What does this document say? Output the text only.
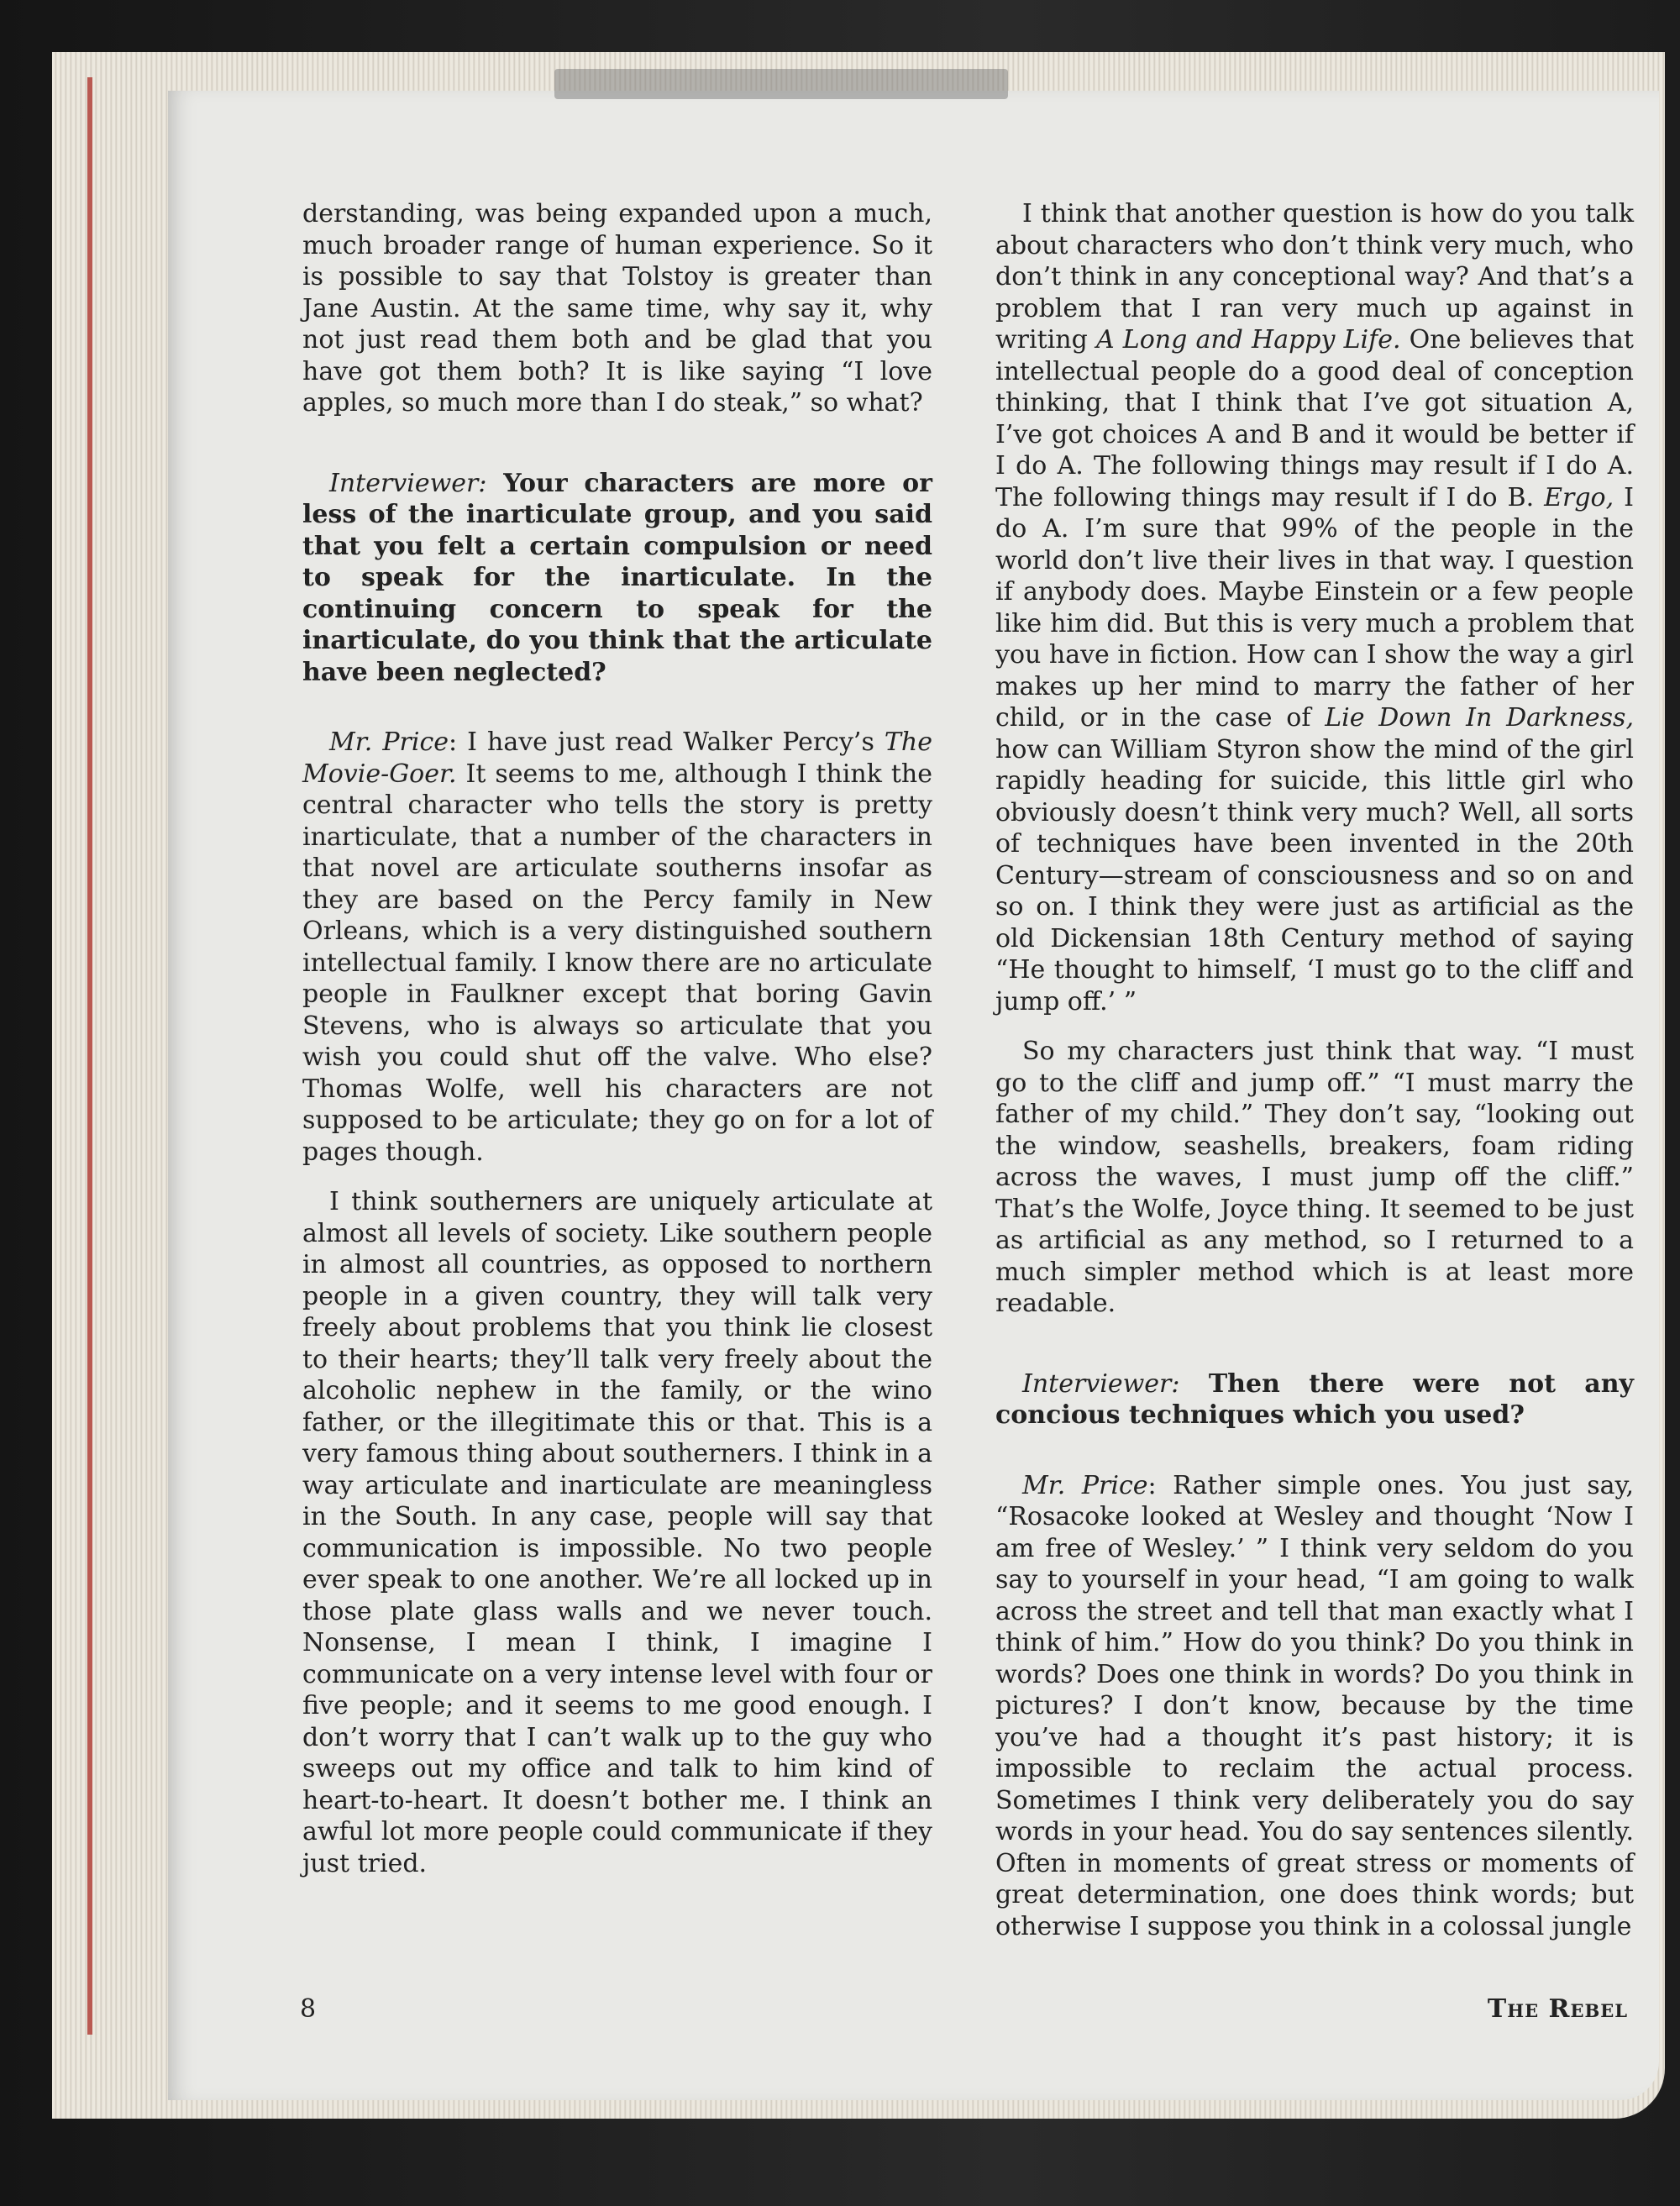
derstanding, was being expanded upon a much, much broader range of human experience. So it is possible to say that Tolstoy is greater than Jane Austin. At the same time, why say it, why not just read them both and be glad that you have got them both? It is like saying “I love apples, so much more than I do steak,” so what?

Interviewer: Your characters are more or less of the inarticulate group, and you said that you felt a certain compulsion or need to speak for the inarticulate. In the continuing concern to speak for the inarticulate, do you think that the articulate have been neglected?

Mr. Price: I have just read Walker Percy’s The Movie-Goer. It seems to me, although I think the central character who tells the story is pretty inarticulate, that a number of the characters in that novel are articulate southerns insofar as they are based on the Percy family in New Orleans, which is a very distinguished southern intellectual family. I know there are no articulate people in Faulkner except that boring Gavin Stevens, who is always so articulate that you wish you could shut off the valve. Who else? Thomas Wolfe, well his characters are not supposed to be articulate; they go on for a lot of pages though.

I think southerners are uniquely articulate at almost all levels of society. Like southern people in almost all countries, as opposed to northern people in a given country, they will talk very freely about problems that you think lie closest to their hearts; they’ll talk very freely about the alcoholic nephew in the family, or the wino father, or the illegitimate this or that. This is a very famous thing about southerners. I think in a way articulate and inarticulate are meaningless in the South. In any case, people will say that communication is impossible. No two people ever speak to one another. We’re all locked up in those plate glass walls and we never touch. Nonsense, I mean I think, I imagine I communicate on a very intense level with four or five people; and it seems to me good enough. I don’t worry that I can’t walk up to the guy who sweeps out my office and talk to him kind of heart-to-heart. It doesn’t bother me. I think an awful lot more people could communicate if they just tried.

I think that another question is how do you talk about characters who don’t think very much, who don’t think in any conceptional way? And that’s a problem that I ran very much up against in writing A Long and Happy Life. One believes that intellectual people do a good deal of conception thinking, that I think that I’ve got situation A, I’ve got choices A and B and it would be better if I do A. The following things may result if I do A. The following things may result if I do B. Ergo, I do A. I’m sure that 99% of the people in the world don’t live their lives in that way. I question if anybody does. Maybe Einstein or a few people like him did. But this is very much a problem that you have in fiction. How can I show the way a girl makes up her mind to marry the father of her child, or in the case of Lie Down In Darkness, how can William Styron show the mind of the girl rapidly heading for suicide, this little girl who obviously doesn’t think very much? Well, all sorts of techniques have been invented in the 20th Century—stream of consciousness and so on and so on. I think they were just as artificial as the old Dickensian 18th Century method of saying “He thought to himself, ‘I must go to the cliff and jump off.’ ”

So my characters just think that way. “I must go to the cliff and jump off.” “I must marry the father of my child.” They don’t say, “looking out the window, seashells, breakers, foam riding across the waves, I must jump off the cliff.” That’s the Wolfe, Joyce thing. It seemed to be just as artificial as any method, so I returned to a much simpler method which is at least more readable.

Interviewer: Then there were not any concious techniques which you used?

Mr. Price: Rather simple ones. You just say, “Rosacoke looked at Wesley and thought ‘Now I am free of Wesley.’ ” I think very seldom do you say to yourself in your head, “I am going to walk across the street and tell that man exactly what I think of him.” How do you think? Do you think in words? Does one think in words? Do you think in pictures? I don’t know, because by the time you’ve had a thought it’s past history; it is impossible to reclaim the actual process. Sometimes I think very deliberately you do say words in your head. You do say sentences silently. Often in moments of great stress or moments of great determination, one does think words; but otherwise I suppose you think in a colossal jungle

8	The Rebel
